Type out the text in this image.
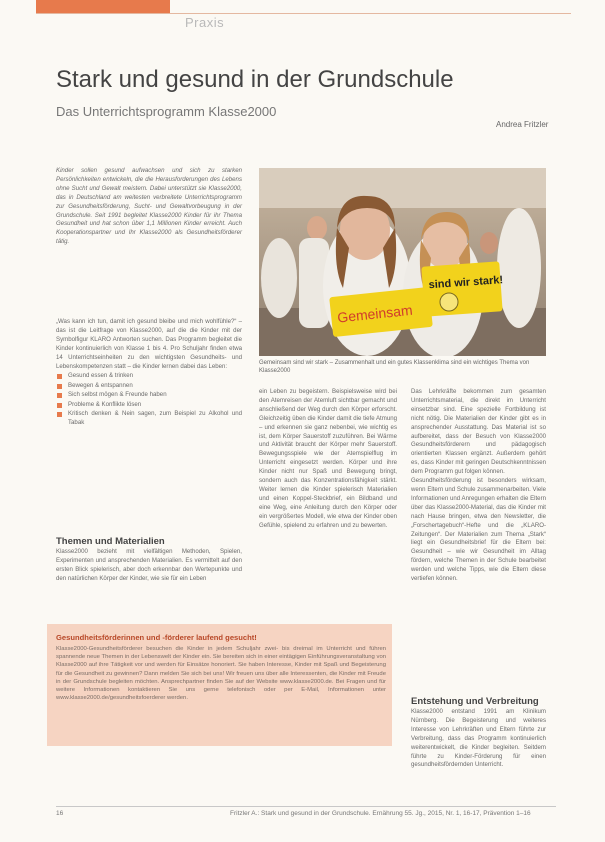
Praxis
Stark und gesund in der Grundschule
Das Unterrichtsprogramm Klasse2000
Andrea Fritzler
Kinder sollen gesund aufwachsen und sich zu starken Persönlichkeiten entwickeln, die die Herausforderungen des Lebens ohne Sucht und Gewalt meistern. Dabei unterstützt sie Klasse2000, das in Deutschland am weitesten verbreitete Unterrichtsprogramm zur Gesundheitsförderung, Sucht- und Gewaltvorbeugung in der Grundschule. Seit 1991 begleitet Klasse2000 Kinder für ihr Thema Gesundheit und hat schon über 1,1 Millionen Kinder erreicht. Auch Kooperationspartner und Ihr Klasse2000 als Gesundheitsförderer tätig.
„Was kann ich tun, damit ich gesund bleibe und mich wohlfühle?“ – das ist die Leitfrage von Klasse2000, auf die die Kinder mit der Symbolfigur KLARO Antworten suchen. Das Programm begleitet die Kinder kontinuierlich von Klasse 1 bis 4. Pro Schuljahr finden etwa 14 Unterrichtseinheiten zu den wichtigsten Gesundheits- und Lebenskompetenzen statt – die Kinder lernen dabei das Leben:
Gesund essen & trinken
Bewegen & entspannen
Sich selbst mögen & Freunde haben
Probleme & Konflikte lösen
Kritisch denken & Nein sagen, zum Beispiel zu Alkohol und Tabak
Themen und Materialien
Klasse2000 bezieht mit vielfältigen Methoden, Spielen, Experimenten und ansprechenden Materialien. Es vermittelt auf den ersten Blick spielerisch, aber doch erkennbar den Wertepunkte und den natürlichen Körper der Kinder, wie sie für ein Leben
Gemeinsam
sind wir stark!
Gemeinsam sind wir stark – Zusammenhalt und ein gutes Klassenklima sind ein wichtiges Thema von Klasse2000
ein Leben zu begeistern. Beispielsweise wird bei den Atemreisen der Atemluft sichtbar gemacht und anschließend der Weg durch den Körper erforscht. Gleichzeitig üben die Kinder damit die tiefe Atmung – und erkennen sie ganz nebenbei, wie wichtig es ist, dem Körper Sauerstoff zuzuführen. Bei Wärme und Aktivität braucht der Körper mehr Sauerstoff. Bewegungsspiele wie der Atemspielflug im Unterricht eingesetzt werden. Körper und ihre Kinder nicht nur Spaß und Bewegung bringt, sondern auch das Konzentrationsfähigkeit stärkt. Weiter lernen die Kinder spielerisch Materialien und einen Koppel-Steckbrief, ein Bildband und eine Weg, eine Anleitung durch den Körper oder ein vergrößertes Modell, wie etwa der Kinder oben Gefühle, spielend zu erfahren und zu bewerten.
Das Lehrkräfte bekommen zum gesamten Unterrichtsmaterial, die direkt im Unterricht einsetzbar sind. Eine spezielle Fortbildung ist nicht nötig. Die Materialien der Kinder gibt es in ansprechender Ausstattung. Das Material ist so aufbereitet, dass der Besuch von Klasse2000 Gesundheitsförderern und pädagogisch orientierten Klassen ergänzt. Außerdem gehört es, dass Kinder mit geringen Deutschkenntnissen dem Programm gut folgen können.
Gesundheitsförderung ist besonders wirksam, wenn Eltern und Schule zusammenarbeiten. Viele Informationen und Anregungen erhalten die Eltern über das Klasse2000-Material, das die Kinder mit nach Hause bringen, etwa den Newsletter, die „Forschertagebuch“-Hefte und die „KLARO-Zeitungen“. Der Materialien zum Thema „Stark“ liegt ein Gesundheitsbrief für die Eltern bei: Gesundheit – wie wir Gesundheit im Alltag fördern, welche Themen in der Schule bearbeitet werden und welche Tipps, wie die Eltern diese vertiefen können.
Entstehung und Verbreitung
Klasse2000 entstand 1991 am Klinikum Nürnberg. Die Begeisterung und weiteres Interesse von Lehrkräften und Eltern führte zur Verbreitung, dass das Programm kontinuierlich weiterentwickelt, die Kinder begleiten. Seitdem führte zu Kinder-Förderung für einen gesundheitsfördernden Unterricht.
Gesundheitsförderinnen und -förderer laufend gesucht!
Klasse2000-Gesundheitsförderer besuchen die Kinder in jedem Schuljahr zwei- bis dreimal im Unterricht und führen spannende neue Themen in der Lebenswelt der Kinder ein. Sie bereiten sich in einer eintägigen Einführungsveranstaltung von Klasse2000 auf ihre Tätigkeit vor und werden für Einsätze honoriert. Sie haben Interesse, Kinder mit Spaß und Begeisterung für die Gesundheit zu gewinnen? Dann melden Sie sich bei uns! Wir freuen uns über alle Interessenten, die Kinder mit Freude in der Grundschule begleiten möchten. Ansprechpartner finden Sie auf der Website www.klasse2000.de. Bei Fragen und für weitere Informationen kontaktieren Sie uns gerne telefonisch oder per E-Mail, Informationen unter www.klasse2000.de/gesundheitsfoerderer werden.
16	Fritzler A.: Stark und gesund in der Grundschule. Ernährung 55. Jg., 2015, Nr. 1, 16-17, Prävention 1–16
